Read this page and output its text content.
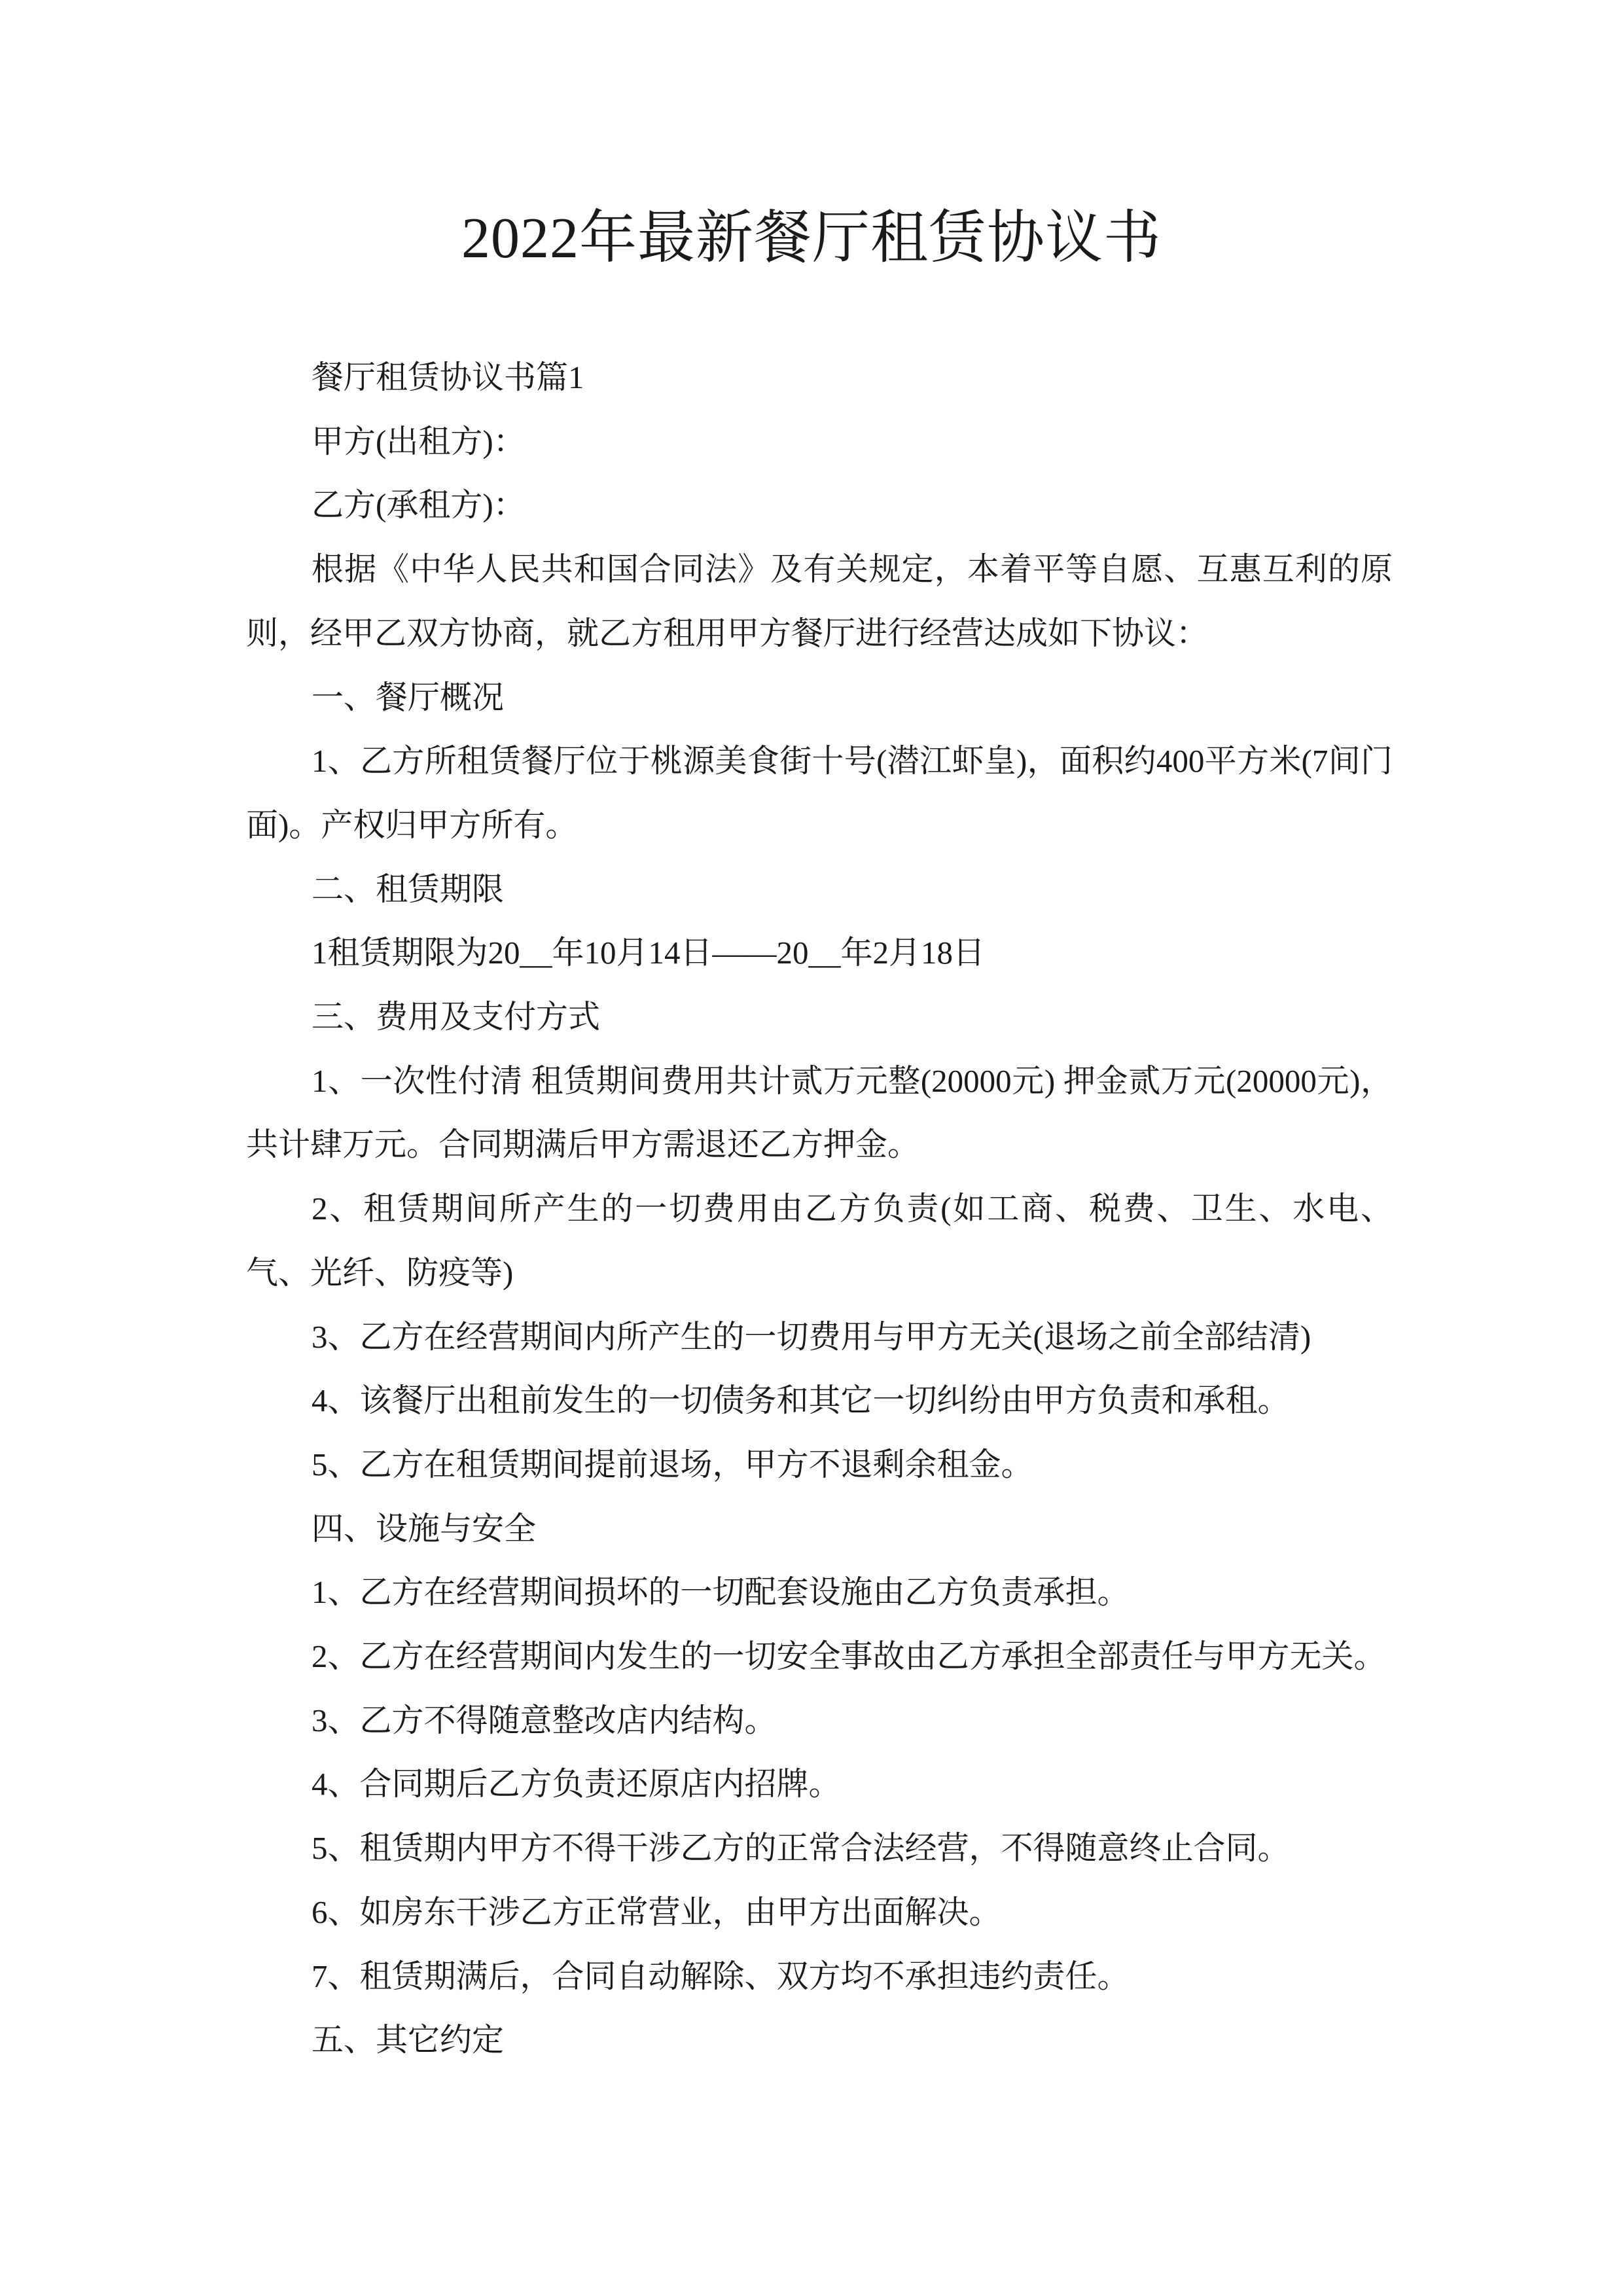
2022年最新餐厅租赁协议书

餐厅租赁协议书篇1

甲方(出租方)：

乙方(承租方)：

根据《中华人民共和国合同法》及有关规定，本着平等自愿、互惠互利的原则，经甲乙双方协商，就乙方租用甲方餐厅进行经营达成如下协议：

一、餐厅概况

1、乙方所租赁餐厅位于桃源美食街十号(潜江虾皇)，面积约400平方米(7间门面)。产权归甲方所有。

二、租赁期限

1租赁期限为20__年10月14日——20__年2月18日

三、费用及支付方式

1、一次性付清 租赁期间费用共计贰万元整(20000元) 押金贰万元(20000元)，共计肆万元。合同期满后甲方需退还乙方押金。

2、租赁期间所产生的一切费用由乙方负责(如工商、税费、卫生、水电、气、光纤、防疫等)

3、乙方在经营期间内所产生的一切费用与甲方无关(退场之前全部结清)

4、该餐厅出租前发生的一切债务和其它一切纠纷由甲方负责和承租。

5、乙方在租赁期间提前退场，甲方不退剩余租金。

四、设施与安全

1、乙方在经营期间损坏的一切配套设施由乙方负责承担。

2、乙方在经营期间内发生的一切安全事故由乙方承担全部责任与甲方无关。

3、乙方不得随意整改店内结构。

4、合同期后乙方负责还原店内招牌。

5、租赁期内甲方不得干涉乙方的正常合法经营，不得随意终止合同。

6、如房东干涉乙方正常营业，由甲方出面解决。

7、租赁期满后，合同自动解除、双方均不承担违约责任。

五、其它约定
